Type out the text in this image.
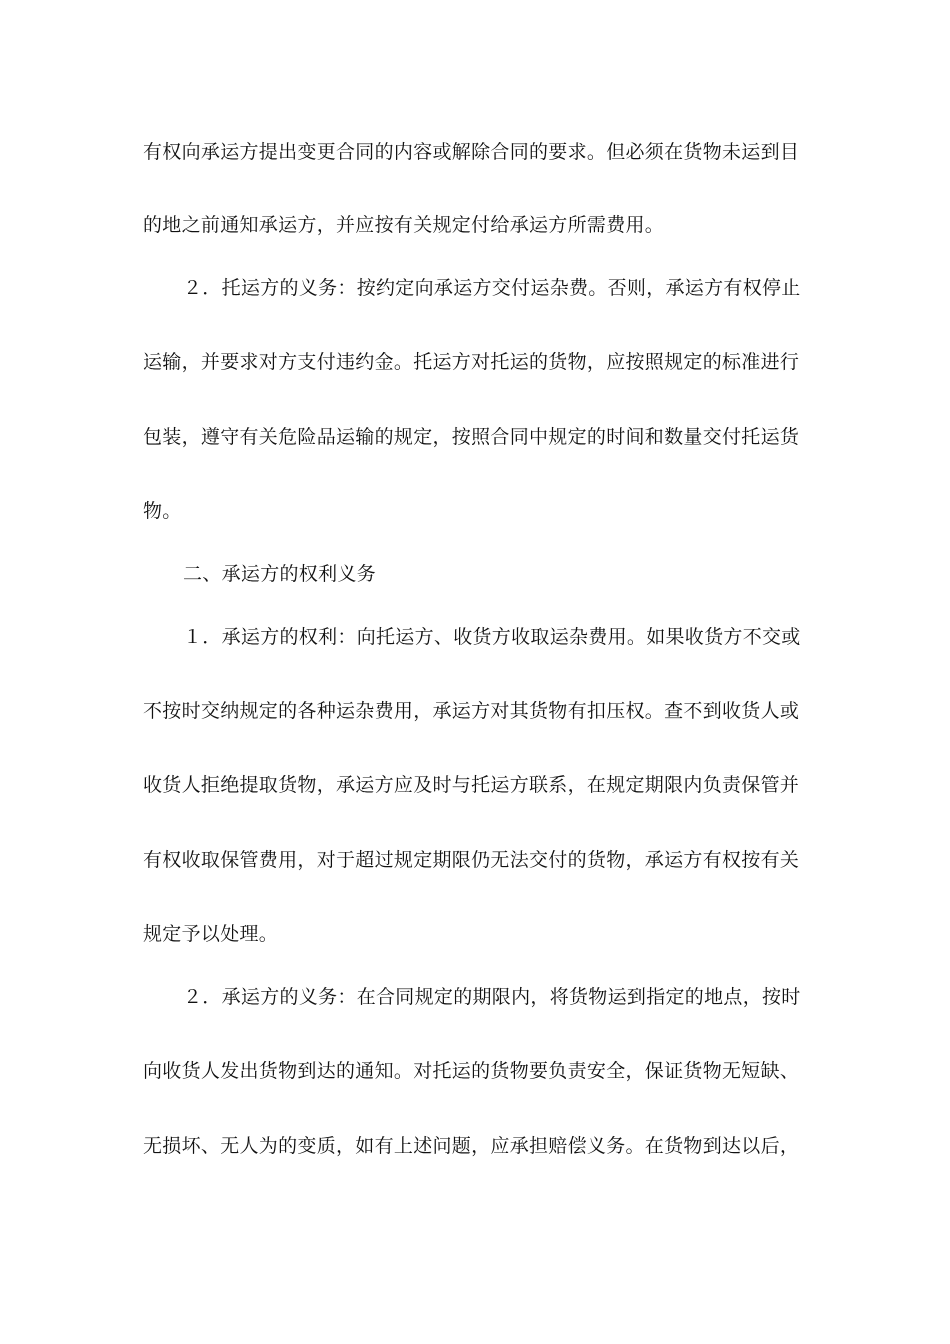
有权向承运方提出变更合同的内容或解除合同的要求。但必须在货物未运到目
的地之前通知承运方，并应按有关规定付给承运方所需费用。
２．托运方的义务：按约定向承运方交付运杂费。否则，承运方有权停止
运输，并要求对方支付违约金。托运方对托运的货物，应按照规定的标准进行
包装，遵守有关危险品运输的规定，按照合同中规定的时间和数量交付托运货
物。
二、承运方的权利义务
１．承运方的权利：向托运方、收货方收取运杂费用。如果收货方不交或
不按时交纳规定的各种运杂费用，承运方对其货物有扣压权。查不到收货人或
收货人拒绝提取货物，承运方应及时与托运方联系，在规定期限内负责保管并
有权收取保管费用，对于超过规定期限仍无法交付的货物，承运方有权按有关
规定予以处理。
２．承运方的义务：在合同规定的期限内，将货物运到指定的地点，按时
向收货人发出货物到达的通知。对托运的货物要负责安全，保证货物无短缺、
无损坏、无人为的变质，如有上述问题，应承担赔偿义务。在货物到达以后，
